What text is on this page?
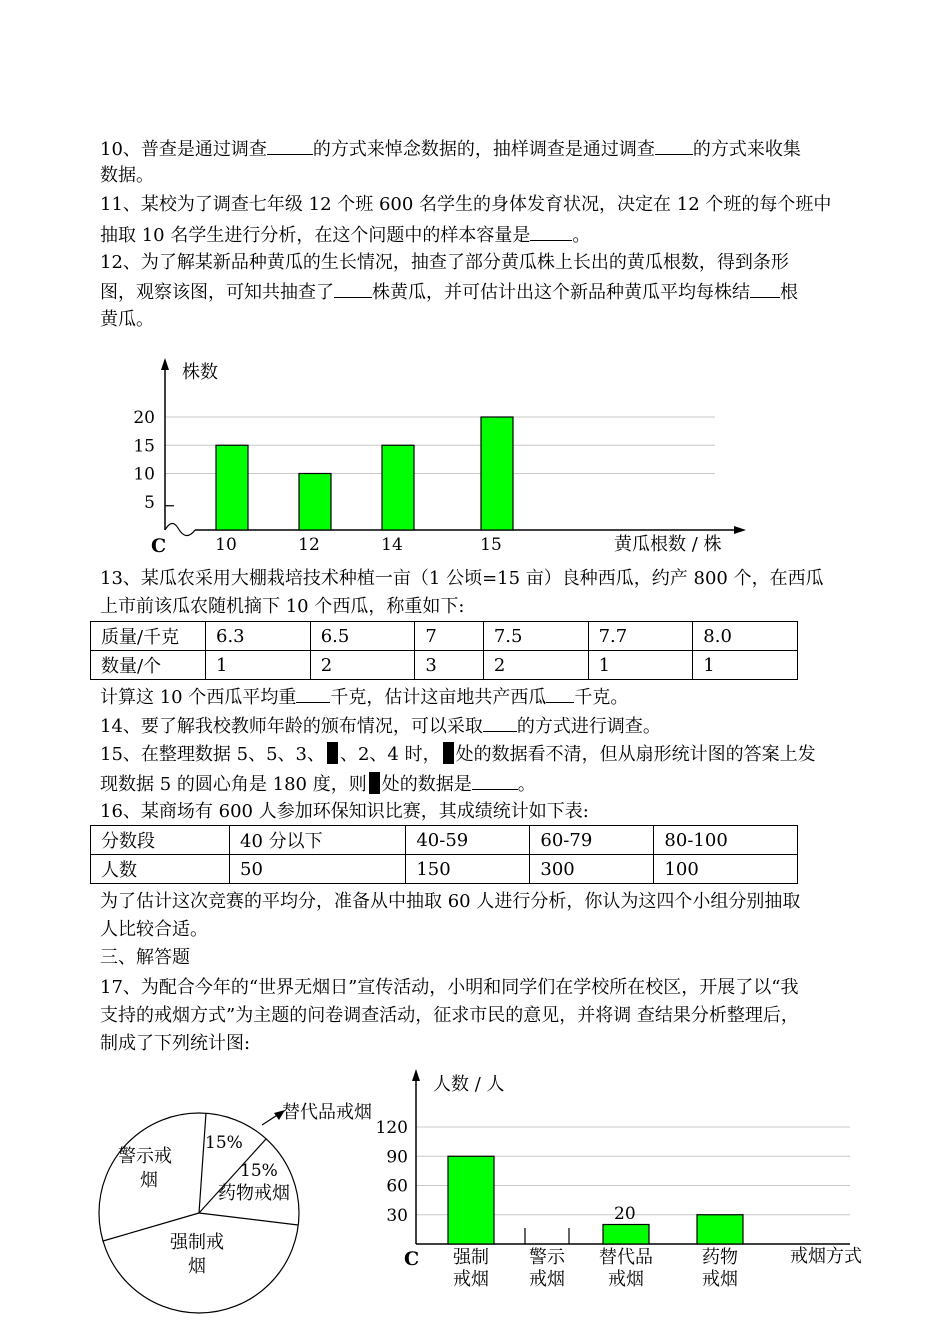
10、普查是通过调查	的方式来悼念数据的，抽样调查是通过调查 的方式来收集
数据。
11、某校为了调查七年级 12 个班 600 名学生的身体发育状况，决定在 12 个班的每个班中
抽取 10 名学生进行分析，在这个问题中的样本容量是 。
12、为了解某新品种黄瓜的生长情况，抽查了部分黄瓜株上长出的黄瓜根数，得到条形
图，观察该图，可知共抽查了 株黄瓜，并可估计出这个新品种黄瓜平均每株结 根
黄瓜。
5
10
15
20
10	12	14	15
株数
黄瓜根数 / 株
C
13、某瓜农采用大棚栽培技术种植一亩（1 公顷=15 亩）良种西瓜，约产 800 个，在西瓜
上市前该瓜农随机摘下 10 个西瓜，称重如下:
质量/千克	6.3	6.5	7	7.5	7.7	8.0
数量/个	1	2	3	2	1	1
计算这 10 个西瓜平均重 千克，估计这亩地共产西瓜 千克。
14、要了解我校教师年龄的颁布情况，可以采取 的方式进行调查。
15、在整理数据 5、5、3、 、2、4 时， 处的数据看不清，但从扇形统计图的答案上发
现数据 5 的圆心角是 180 度，则 处的数据是	。
16、某商场有 600 人参加环保知识比赛，其成绩统计如下表:
分数段	40 分以下	40-59	60-79	80-100
人数	50	150	300	100
为了估计这次竞赛的平均分，准备从中抽取 60 人进行分析，你认为这四个小组分别抽取
人比较合适。
三、解答题
17、为配合今年的“世界无烟日”宣传活动，小明和同学们在学校所在校区，开展了以“我
支持的戒烟方式”为主题的问卷调查活动，征求市民的意见，并将调 查结果分析整理后，
制成了下列统计图:
替代品戒烟
15%
15%
药物戒烟
警示戒
烟
强制戒
烟
30
60
90
120
强制
戒烟
警示
戒烟
替代品
戒烟
药物
戒烟
人数 / 人
戒烟方式
C
20
